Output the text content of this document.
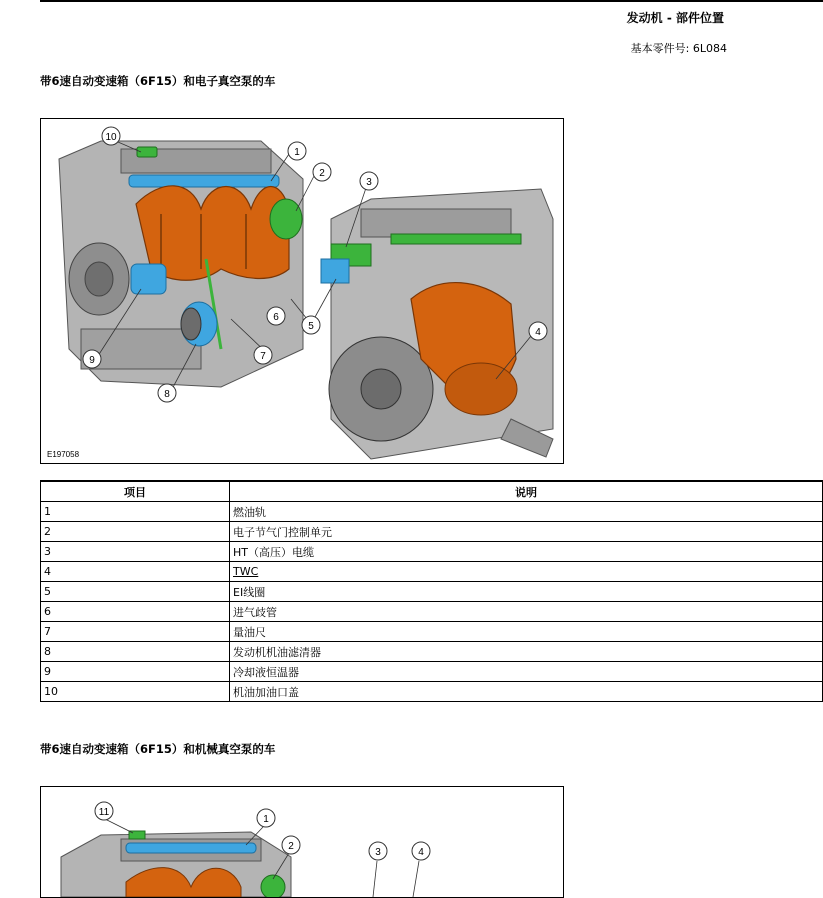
发动机 - 部件位置
基本零件号: 6L084
带6速自动变速箱（6F15）和电子真空泵的车
10
1
2
3
4
5
6
7
8
9
E197058
项目	说明
1	燃油轨
2	电子节气门控制单元
3	HT（高压）电缆
4	TWC
5	EI线圈
6	进气歧管
7	量油尺
8	发动机机油滤清器
9	冷却液恒温器
10	机油加油口盖
带6速自动变速箱（6F15）和机械真空泵的车
11
1
2
3	4
